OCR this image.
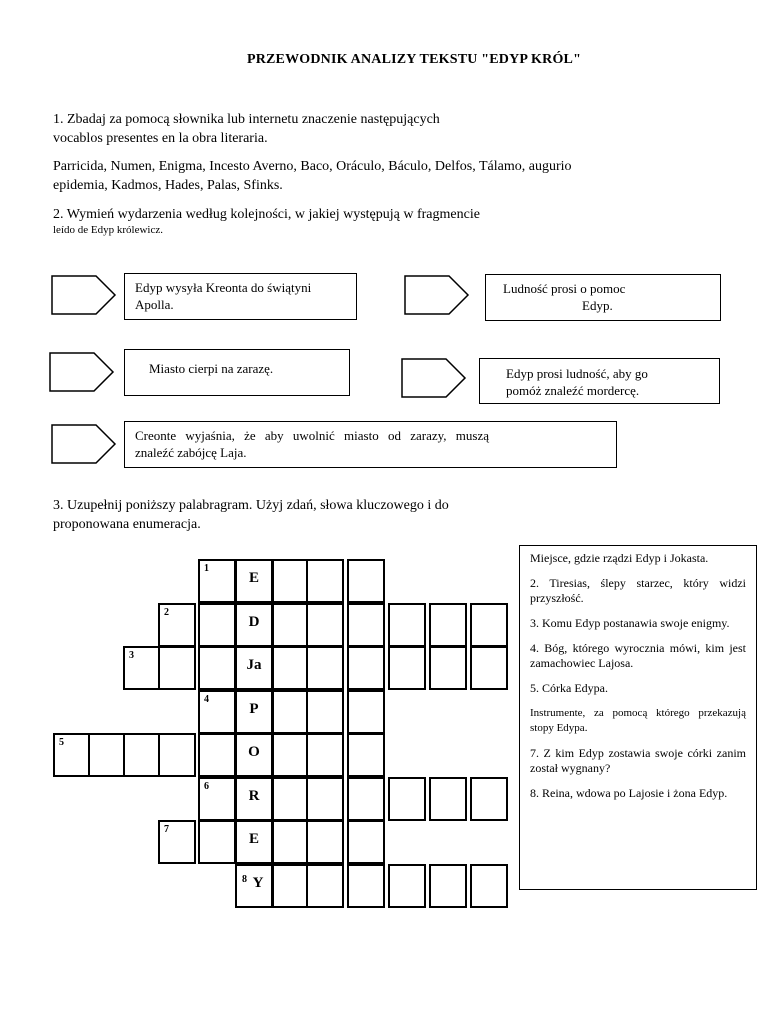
PRZEWODNIK ANALIZY TEKSTU "EDYP KRÓL"
1. Zbadaj za pomocą słownika lub internetu znaczenie następujących
vocablos presentes en la obra literaria.
Parricida, Numen, Enigma, Incesto Averno, Baco, Oráculo, Báculo, Delfos, Tálamo, augurio
epidemia, Kadmos, Hades, Palas, Sfinks.
2. Wymień wydarzenia według kolejności, w jakiej występują w fragmencie
leído de Edyp królewicz.
Edyp wysyła Kreonta do świątyni
Apolla.
Ludność prosi o pomoc
Edyp.
Miasto cierpi na zarazę.	Edyp prosi ludność, aby go
pomóż znaleźć mordercę.
Creonte wyjaśnia, że aby uwolnić miasto od zarazy, muszą
znaleźć zabójcę Laja.
3. Uzupełnij poniższy palabragram. Użyj zdań, słowa kluczowego i do
proponowana enumeracja.
1
E
2
D
3
Ja
4
P
5
O
6
R
7
E
Y
8

Miejsce, gdzie rządzi Edyp i Jokasta.

2. Tiresias, ślepy starzec, który widzi przyszłość.

3. Komu Edyp postanawia swoje enigmy.

4. Bóg, którego wyrocznia mówi, kim jest zamachowiec Lajosa.

5. Córka Edypa.

Instrumente, za pomocą którego przekazują stopy Edypa.

7. Z kim Edyp zostawia swoje córki zanim został wygnany?

8. Reina, wdowa po Lajosie i żona Edyp.
